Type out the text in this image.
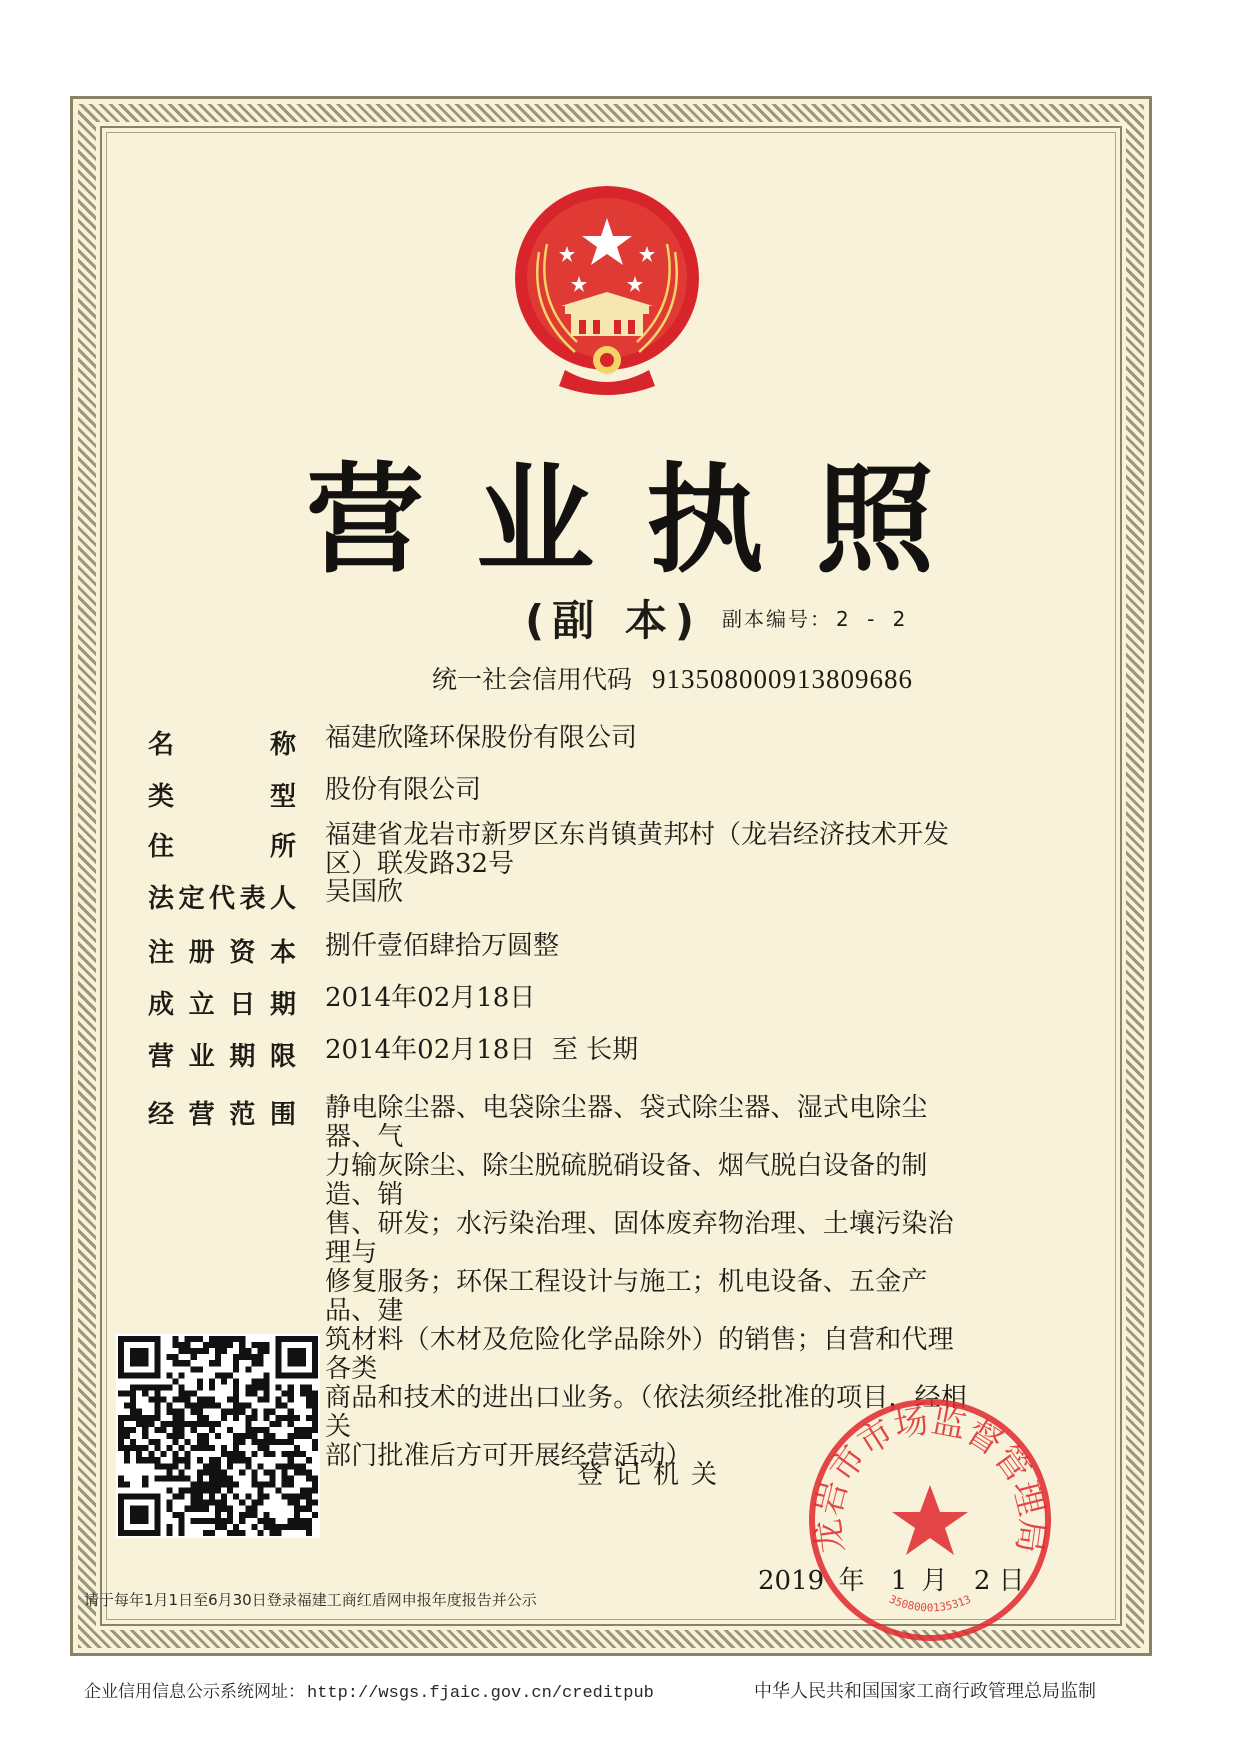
营业执照
(副 本) 副本编号： 2 - 2
统一社会信用代码 913508000913809686
名称 福建欣隆环保股份有限公司
类型 股份有限公司
住所 福建省龙岩市新罗区东肖镇黄邦村（龙岩经济技术开发
区）联发路32号
法定代表人 吴国欣
注册资本 捌仟壹佰肆拾万圆整
成立日期 2014年02月18日
营业期限 2014年02月18日  至 长期
经营范围 静电除尘器、电袋除尘器、袋式除尘器、湿式电除尘器、气
力输灰除尘、除尘脱硫脱硝设备、烟气脱白设备的制造、销
售、研发；水污染治理、固体废弃物治理、土壤污染治理与
修复服务；环保工程设计与施工；机电设备、五金产品、建
筑材料（木材及危险化学品除外）的销售；自营和代理各类
商品和技术的进出口业务。（依法须经批准的项目，经相关
部门批准后方可开展经营活动）
登记机关
龙岩市市场监督管理局
3508000135313
2019 年 1 月 2 日
请于每年1月1日至6月30日登录福建工商红盾网申报年度报告并公示
企业信用信息公示系统网址： http://wsgs.fjaic.gov.cn/creditpub	中华人民共和国国家工商行政管理总局监制
